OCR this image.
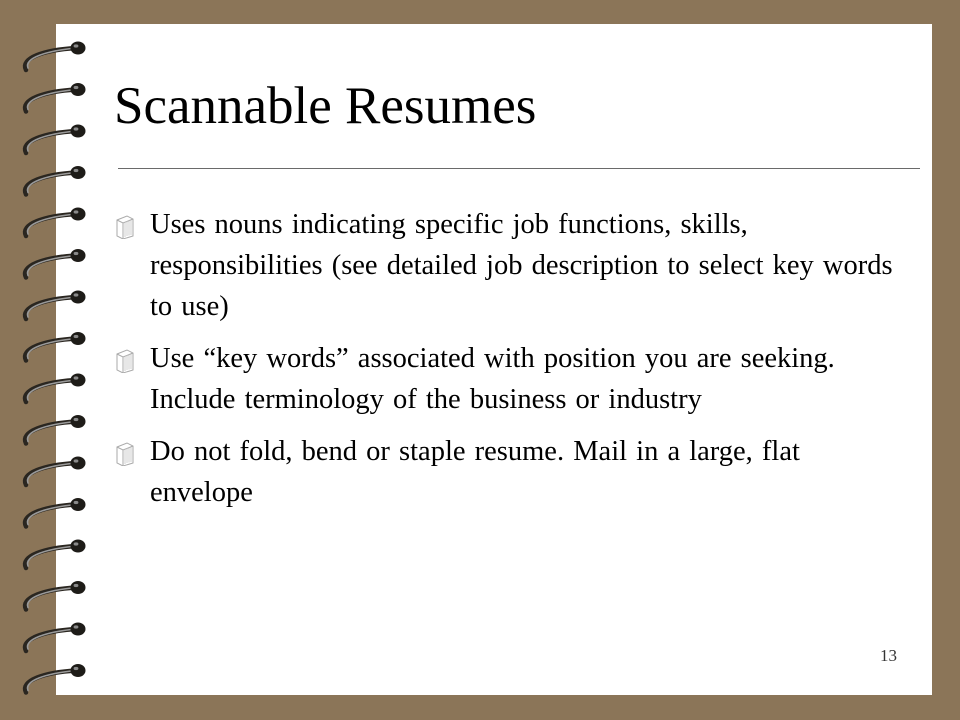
Scannable Resumes
Uses nouns indicating specific job functions, skills, responsibilities (see detailed job description to select key words to use)
Use “key words” associated with position you are seeking. Include terminology of the business or industry
Do not fold, bend or staple resume. Mail in a large, flat envelope
13
